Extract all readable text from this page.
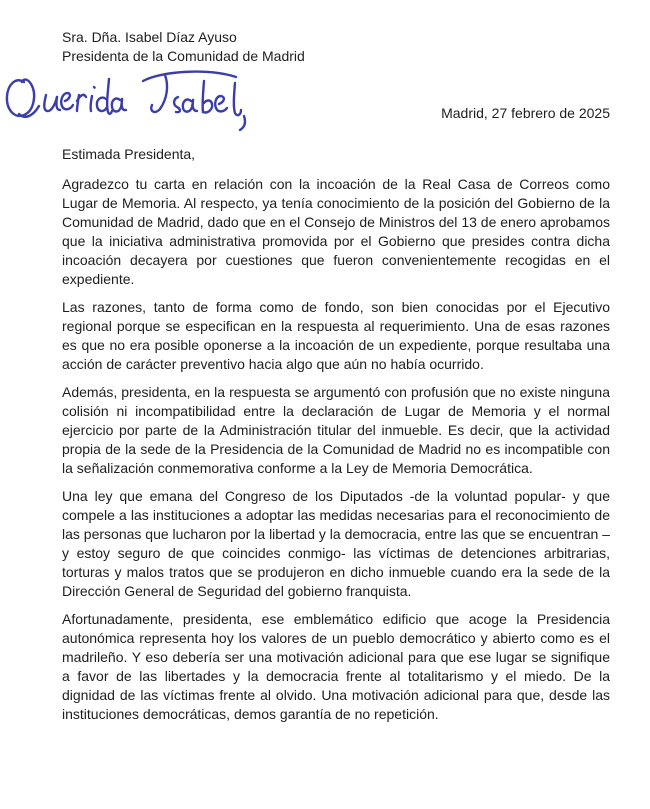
Sra. Dña. Isabel Díaz Ayuso
Presidenta de la Comunidad de Madrid
Madrid, 27 febrero de 2025
Estimada Presidenta,

Agradezco tu carta en relación con la incoación de la Real Casa de Correos como Lugar de Memoria. Al respecto, ya tenía conocimiento de la posición del Gobierno de la Comunidad de Madrid, dado que en el Consejo de Ministros del 13 de enero aprobamos que la iniciativa administrativa promovida por el Gobierno que presides contra dicha incoación decayera por cuestiones que fueron convenientemente recogidas en el expediente.

Las razones, tanto de forma como de fondo, son bien conocidas por el Ejecutivo regional porque se especifican en la respuesta al requerimiento. Una de esas razones es que no era posible oponerse a la incoación de un expediente, porque resultaba una acción de carácter preventivo hacia algo que aún no había ocurrido.

Además, presidenta, en la respuesta se argumentó con profusión que no existe ninguna colisión ni incompatibilidad entre la declaración de Lugar de Memoria y el normal ejercicio por parte de la Administración titular del inmueble. Es decir, que la actividad propia de la sede de la Presidencia de la Comunidad de Madrid no es incompatible con la señalización conmemorativa conforme a la Ley de Memoria Democrática.

Una ley que emana del Congreso de los Diputados -de la voluntad popular- y que compele a las instituciones a adoptar las medidas necesarias para el reconocimiento de las personas que lucharon por la libertad y la democracia, entre las que se encuentran – y estoy seguro de que coincides conmigo- las víctimas de detenciones arbitrarias, torturas y malos tratos que se produjeron en dicho inmueble cuando era la sede de la Dirección General de Seguridad del gobierno franquista.

Afortunadamente, presidenta, ese emblemático edificio que acoge la Presidencia autonómica representa hoy los valores de un pueblo democrático y abierto como es el madrileño. Y eso debería ser una motivación adicional para que ese lugar se signifique a favor de las libertades y la democracia frente al totalitarismo y el miedo. De la dignidad de las víctimas frente al olvido. Una motivación adicional para que, desde las instituciones democráticas, demos garantía de no repetición.
